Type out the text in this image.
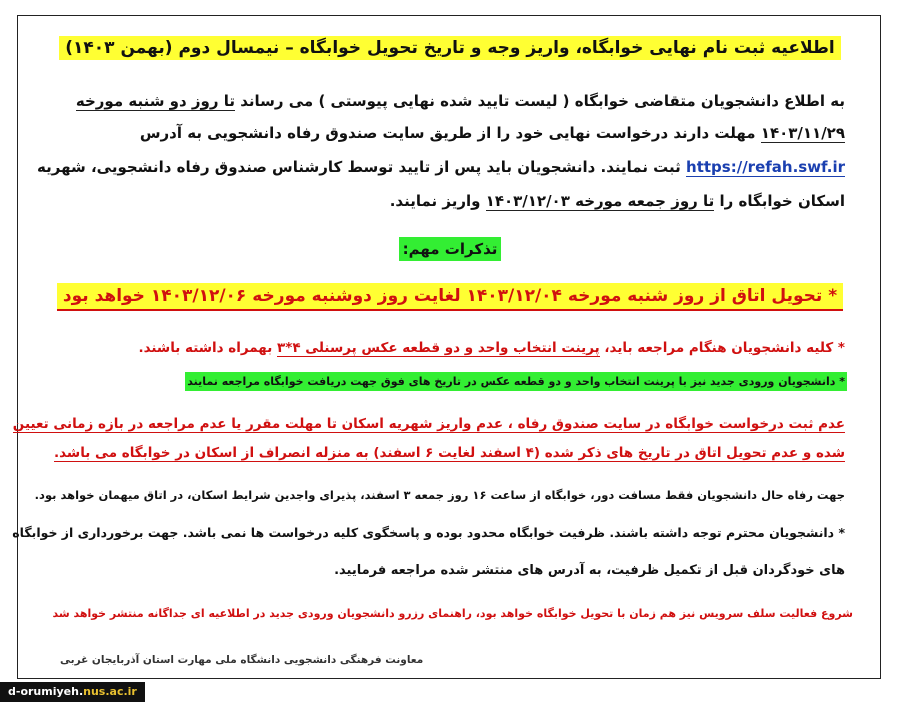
اطلاعیه ثبت نام نهایی خوابگاه، واریز وجه و تاریخ تحویل خوابگاه – نیمسال دوم (بهمن ۱۴۰۳)
به اطلاع دانشجویان متقاضی خوابگاه ( لیست تایید شده نهایی پیوستی ) می رساند تا روز دو شنبه مورخه
۱۴۰۳/۱۱/۲۹ مهلت دارند درخواست نهایی خود را از طریق سایت صندوق رفاه دانشجویی به آدرس
https://refah.swf.ir ثبت نمایند. دانشجویان باید پس از تایید توسط کارشناس صندوق رفاه دانشجویی، شهریه
اسکان خوابگاه را تا روز جمعه مورخه ۱۴۰۳/۱۲/۰۳ واریز نمایند.
تذکرات مهم:
* تحویل اتاق از روز شنبه مورخه ۱۴۰۳/۱۲/۰۴ لغایت روز دوشنبه مورخه ۱۴۰۳/۱۲/۰۶ خواهد بود
* کلیه دانشجویان هنگام مراجعه باید، پرینت انتخاب واحد و دو قطعه عکس پرسنلی ۴*۳ بهمراه داشته باشند.
* دانشجویان ورودی جدید نیز با پرینت انتخاب واحد و دو قطعه عکس در تاریخ های فوق جهت دریافت خوابگاه مراجعه نمایند
عدم ثبت درخواست خوابگاه در سایت صندوق رفاه ، عدم واریز شهریه اسکان تا مهلت مقرر یا عدم مراجعه در بازه زمانی تعیین
شده و عدم تحویل اتاق در تاریخ های ذکر شده (۴ اسفند لغایت ۶ اسفند) به منزله انصراف از اسکان در خوابگاه می باشد.
جهت رفاه حال دانشجویان فقط مسافت دور، خوابگاه از ساعت ۱۶ روز جمعه ۳ اسفند، پذیرای واجدین شرایط اسکان، در اتاق میهمان خواهد بود.
* دانشجویان محترم توجه داشته باشند. ظرفیت خوابگاه محدود بوده و پاسخگوی کلیه درخواست ها نمی باشد. جهت برخورداری از خوابگاه
های خودگردان قبل از تکمیل ظرفیت، به آدرس های منتشر شده مراجعه فرمایید.
شروع فعالیت سلف سرویس نیز هم زمان با تحویل خوابگاه خواهد بود، راهنمای رزرو دانشجویان ورودی جدید در اطلاعیه ای جداگانه منتشر خواهد شد
معاونت فرهنگی دانشجویی دانشگاه ملی مهارت استان آذربایجان غربی
d-orumiyeh.nus.ac.ir
